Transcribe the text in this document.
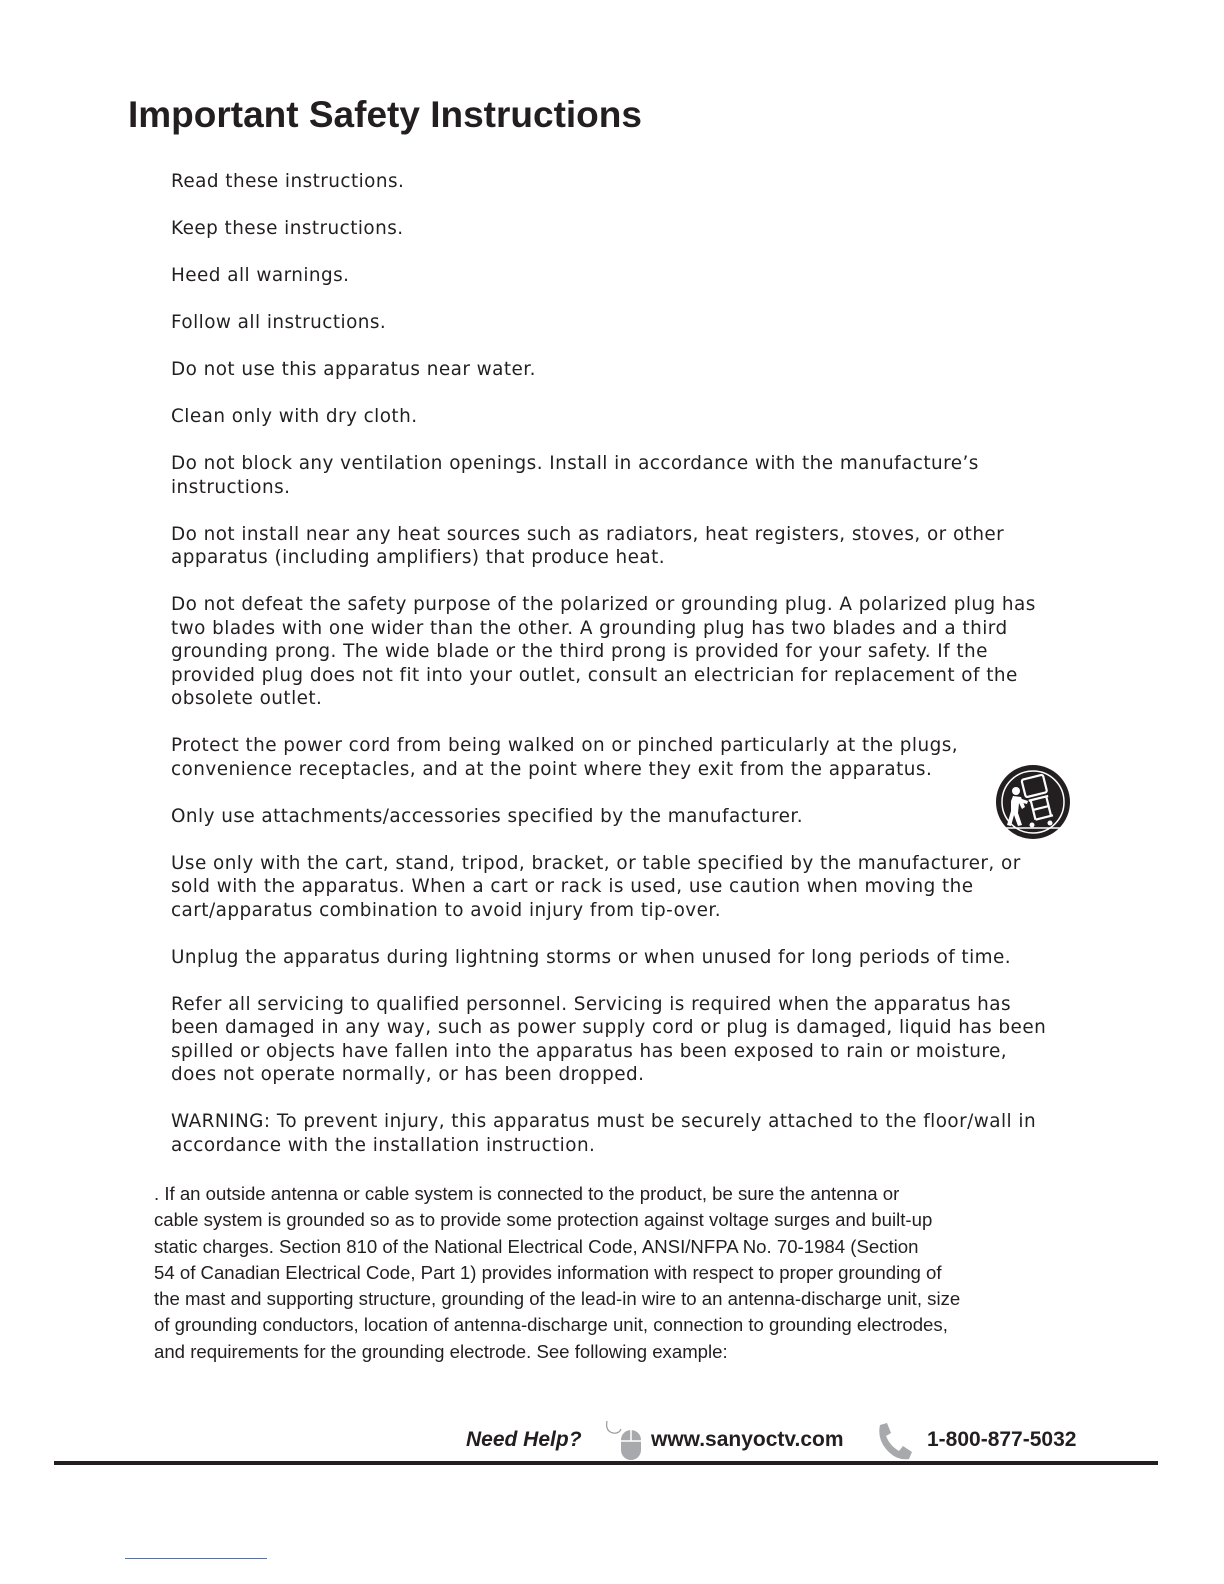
Important Safety Instructions
Read these instructions.
Keep these instructions.
Heed all warnings.
Follow all instructions.
Do not use this apparatus near water.
Clean only with dry cloth.
Do not block any ventilation openings. Install in accordance with the manufacture’s
instructions.
Do not install near any heat sources such as radiators, heat registers, stoves, or other
apparatus (including amplifiers) that produce heat.
Do not defeat the safety purpose of the polarized or grounding plug. A polarized plug has
two blades with one wider than the other. A grounding plug has two blades and a third
grounding prong. The wide blade or the third prong is provided for your safety. If the
provided plug does not fit into your outlet, consult an electrician for replacement of the
obsolete outlet.
Protect the power cord from being walked on or pinched particularly at the plugs,
convenience receptacles, and at the point where they exit from the apparatus.
Only use attachments/accessories specified by the manufacturer.
Use only with the cart, stand, tripod, bracket, or table specified by the manufacturer, or
sold with the apparatus. When a cart or rack is used, use caution when moving the
cart/apparatus combination to avoid injury from tip-over.
Unplug the apparatus during lightning storms or when unused for long periods of time.
Refer all servicing to qualified personnel. Servicing is required when the apparatus has
been damaged in any way, such as power supply cord or plug is damaged, liquid has been
spilled or objects have fallen into the apparatus has been exposed to rain or moisture,
does not operate normally, or has been dropped.
WARNING: To prevent injury, this apparatus must be securely attached to the floor/wall in
accordance with the installation instruction.

. If an outside antenna or cable system is connected to the product, be sure the antenna or
cable system is grounded so as to provide some protection against voltage surges and built-up
static charges. Section 810 of the National Electrical Code, ANSI/NFPA No. 70-1984 (Section
54 of Canadian Electrical Code, Part 1) provides information with respect to proper grounding of
the mast and supporting structure, grounding of the lead-in wire to an antenna-discharge unit, size
of grounding conductors, location of antenna-discharge unit, connection to grounding electrodes,
and requirements for the grounding electrode. See following example:

Need Help?	www.sanyoctv.com	1-800-877-5032
